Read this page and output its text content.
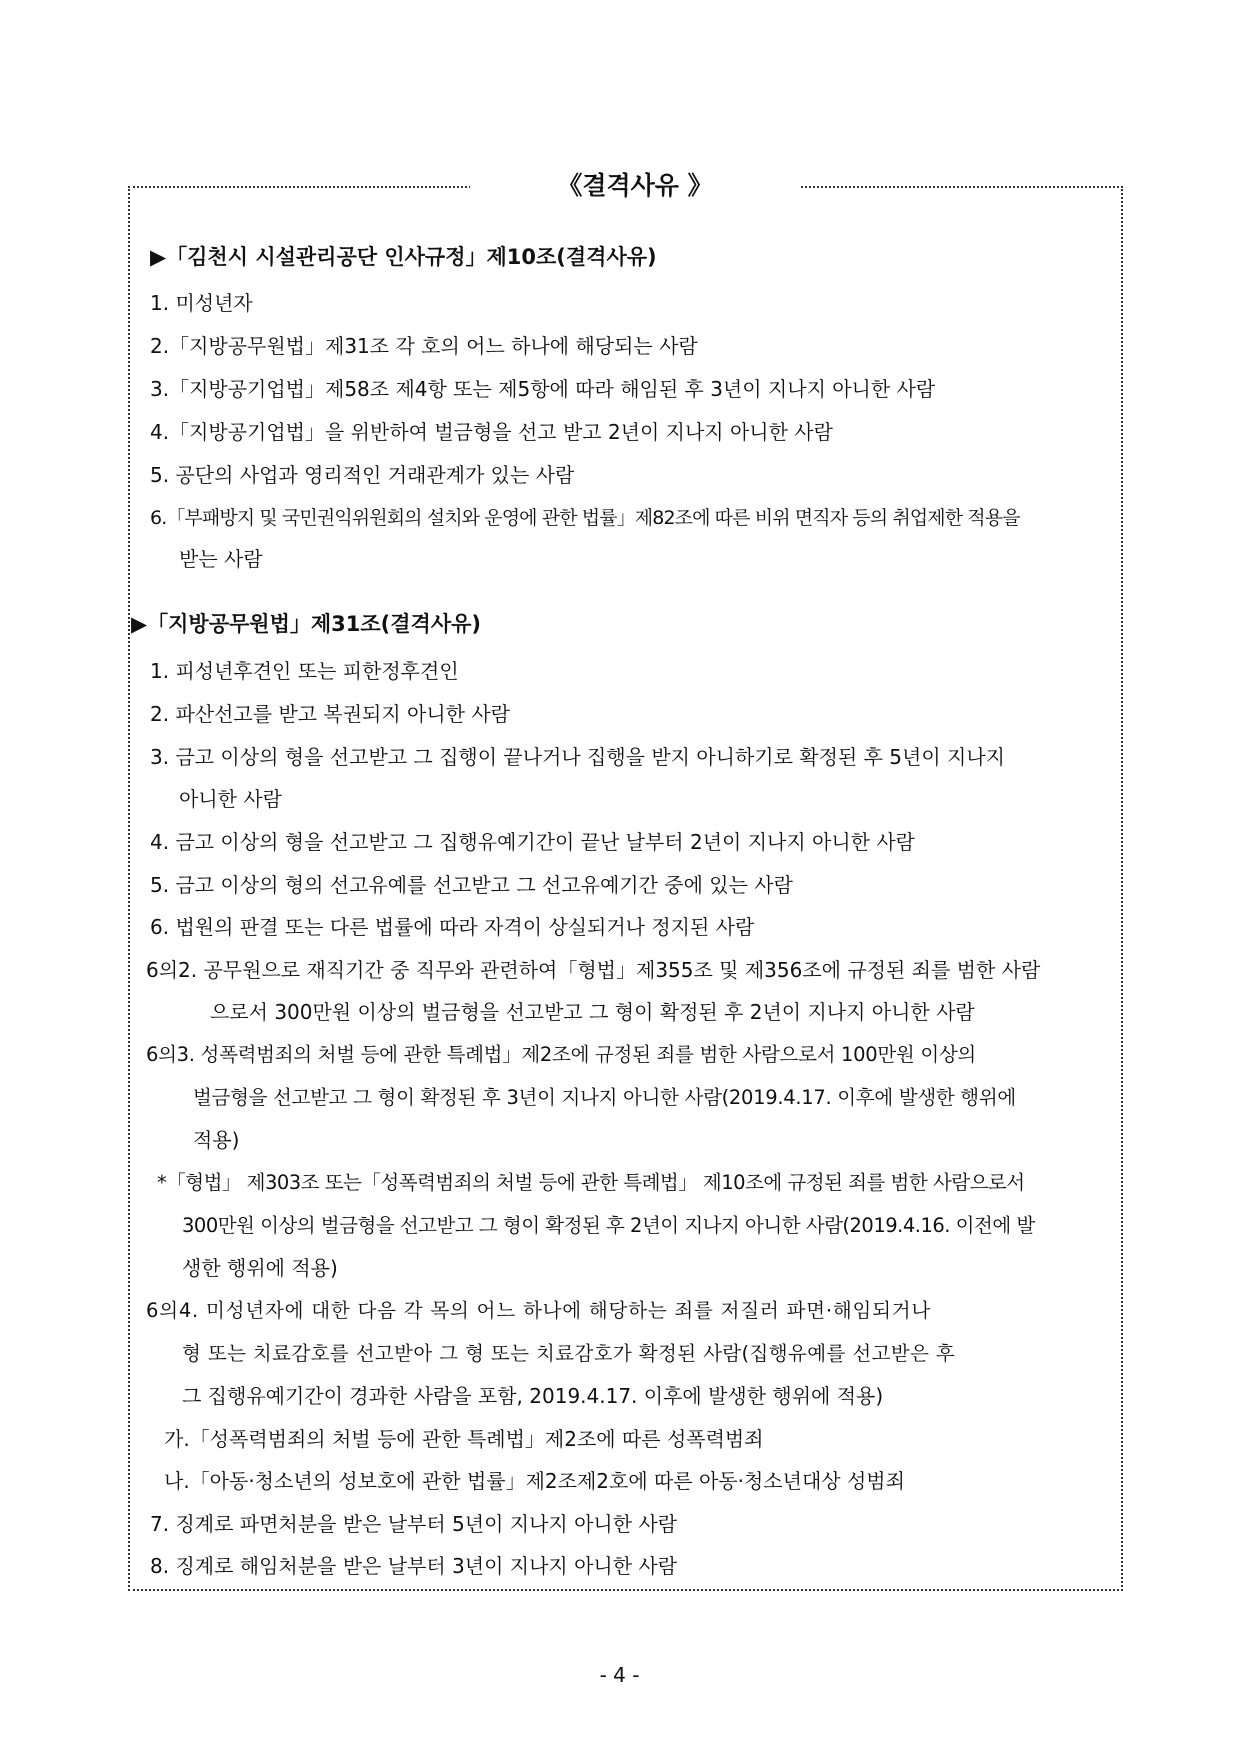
《결격사유 》
▶「김천시 시설관리공단 인사규정」제10조(결격사유)
1. 미성년자
2.「지방공무원법」제31조 각 호의 어느 하나에 해당되는 사람
3.「지방공기업법」제58조 제4항 또는 제5항에 따라 해임된 후 3년이 지나지 아니한 사람
4.「지방공기업법」을 위반하여 벌금형을 선고 받고 2년이 지나지 아니한 사람
5. 공단의 사업과 영리적인 거래관계가 있는 사람
6.「부패방지 및 국민권익위원회의 설치와 운영에 관한 법률」제82조에 따른 비위 면직자 등의 취업제한 적용을
받는 사람
▶「지방공무원법」제31조(결격사유)
1. 피성년후견인 또는 피한정후견인
2. 파산선고를 받고 복권되지 아니한 사람
3. 금고 이상의 형을 선고받고 그 집행이 끝나거나 집행을 받지 아니하기로 확정된 후 5년이 지나지
아니한 사람
4. 금고 이상의 형을 선고받고 그 집행유예기간이 끝난 날부터 2년이 지나지 아니한 사람
5. 금고 이상의 형의 선고유예를 선고받고 그 선고유예기간 중에 있는 사람
6. 법원의 판결 또는 다른 법률에 따라 자격이 상실되거나 정지된 사람
6의2. 공무원으로 재직기간 중 직무와 관련하여「형법」제355조 및 제356조에 규정된 죄를 범한 사람
으로서 300만원 이상의 벌금형을 선고받고 그 형이 확정된 후 2년이 지나지 아니한 사람
6의3. 성폭력범죄의 처벌 등에 관한 특례법」제2조에 규정된 죄를 범한 사람으로서 100만원 이상의
벌금형을 선고받고 그 형이 확정된 후 3년이 지나지 아니한 사람(2019.4.17. 이후에 발생한 행위에
적용)
*「형법」 제303조 또는「성폭력범죄의 처벌 등에 관한 특례법」 제10조에 규정된 죄를 범한 사람으로서
300만원 이상의 벌금형을 선고받고 그 형이 확정된 후 2년이 지나지 아니한 사람(2019.4.16. 이전에 발
생한 행위에 적용)
6의4. 미성년자에 대한 다음 각 목의 어느 하나에 해당하는 죄를 저질러 파면·해임되거나
형 또는 치료감호를 선고받아 그 형 또는 치료감호가 확정된 사람(집행유예를 선고받은 후
그 집행유예기간이 경과한 사람을 포함, 2019.4.17. 이후에 발생한 행위에 적용)
가.「성폭력범죄의 처벌 등에 관한 특례법」제2조에 따른 성폭력범죄
나.「아동·청소년의 성보호에 관한 법률」제2조제2호에 따른 아동·청소년대상 성범죄
7. 징계로 파면처분을 받은 날부터 5년이 지나지 아니한 사람
8. 징계로 해임처분을 받은 날부터 3년이 지나지 아니한 사람
- 4 -
